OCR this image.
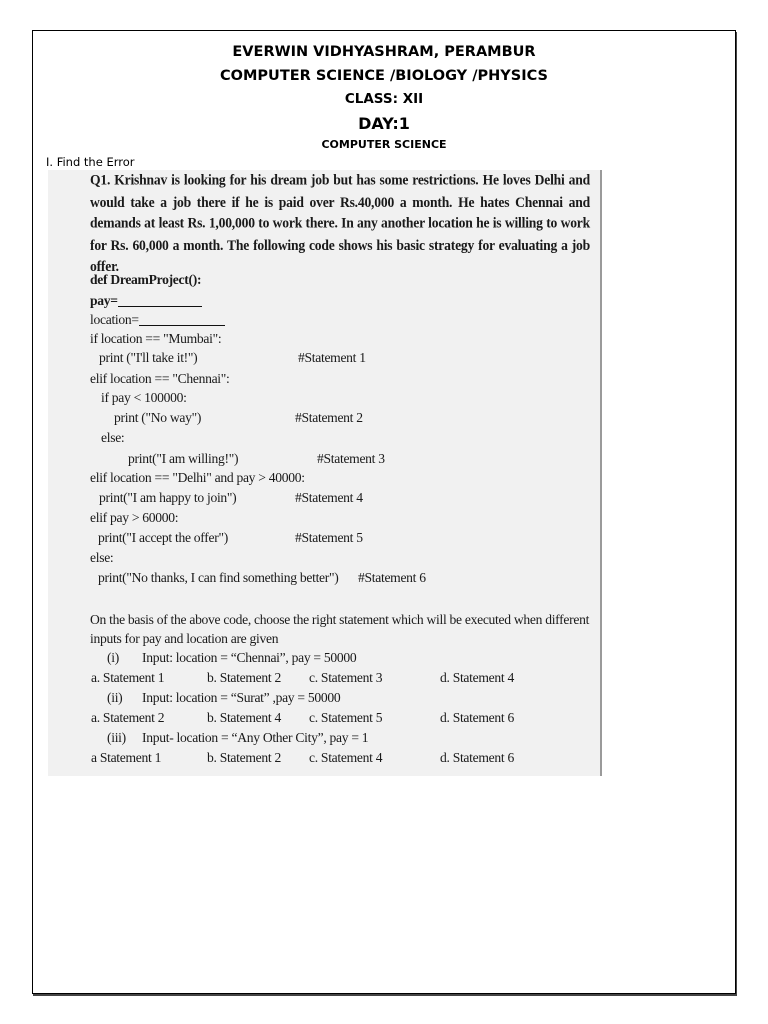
EVERWIN VIDHYASHRAM, PERAMBUR
COMPUTER SCIENCE /BIOLOGY /PHYSICS
CLASS: XII
DAY:1
COMPUTER SCIENCE
I. Find the Error
Q1. Krishnav is looking for his dream job but has some restrictions. He loves Delhi and would take a job there if he is paid over Rs.40,000 a month. He hates Chennai and demands at least Rs. 1,00,000 to work there. In any another location he is willing to work for Rs. 60,000 a month. The following code shows his basic strategy for evaluating a job offer.
def DreamProject():
pay=
location=
if location == "Mumbai":
print ("I'll take it!")	#Statement 1
elif location == "Chennai":
if pay < 100000:
print ("No way")	#Statement 2
else:
print("I am willing!")	#Statement 3
elif location == "Delhi" and pay > 40000:
print("I am happy to join")	#Statement 4
elif pay > 60000:
print("I accept the offer")	#Statement 5
else:
print("No thanks, I can find something better") #Statement 6
On the basis of the above code, choose the right statement which will be executed when different inputs for pay and location are given
(i) Input: location = “Chennai”, pay = 50000
a. Statement 1	b. Statement 2 c. Statement 3	d. Statement 4
(ii) Input: location = “Surat” ,pay = 50000
a. Statement 2	b. Statement 4 c. Statement 5	d. Statement 6
(iii) Input- location = “Any Other City”, pay = 1
a Statement 1	b. Statement 2 c. Statement 4	d. Statement 6
